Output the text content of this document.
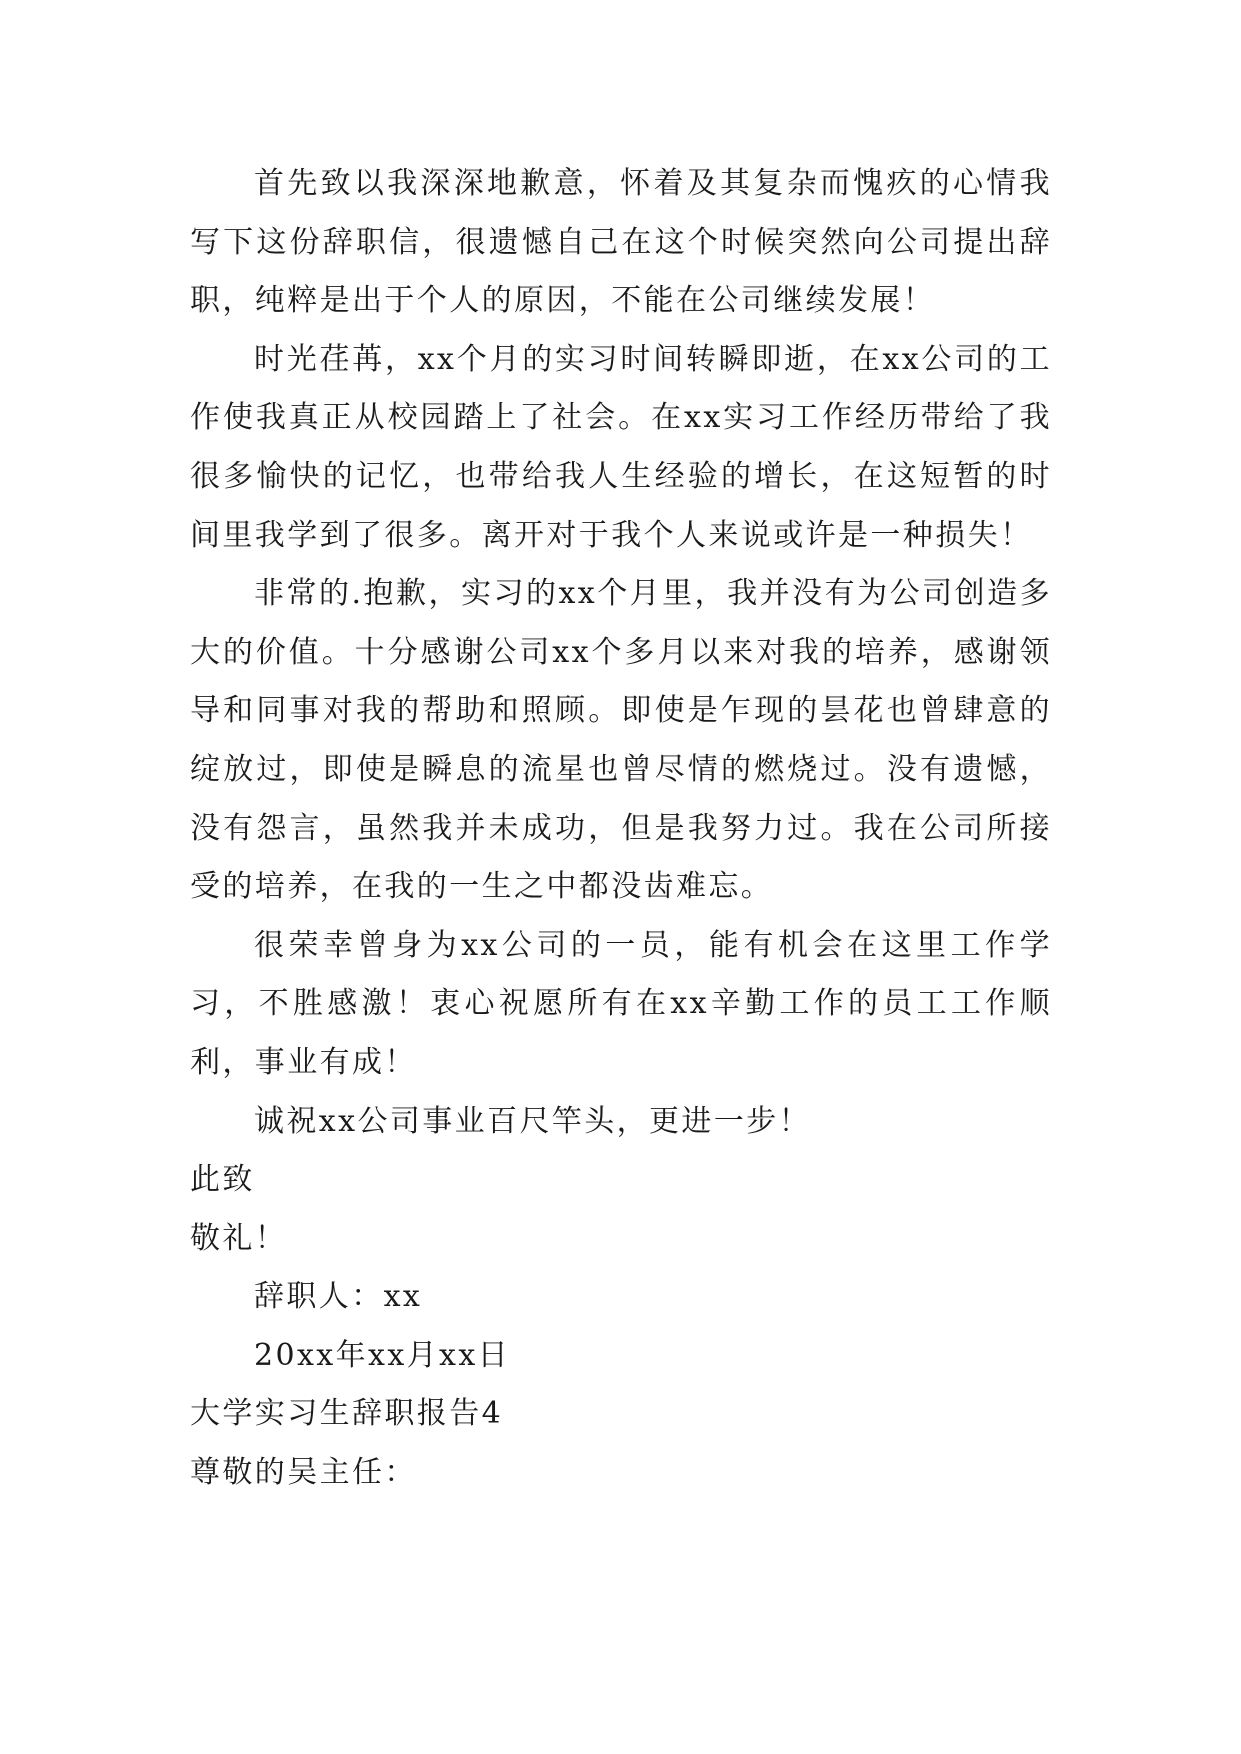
首先致以我深深地歉意，怀着及其复杂而愧疚的心情我写下这份辞职信，很遗憾自己在这个时候突然向公司提出辞职，纯粹是出于个人的原因，不能在公司继续发展！

时光荏苒，xx个月的实习时间转瞬即逝，在xx公司的工作使我真正从校园踏上了社会。在xx实习工作经历带给了我很多愉快的记忆，也带给我人生经验的增长，在这短暂的时间里我学到了很多。离开对于我个人来说或许是一种损失！

非常的.抱歉，实习的xx个月里，我并没有为公司创造多大的价值。十分感谢公司xx个多月以来对我的培养，感谢领导和同事对我的帮助和照顾。即使是乍现的昙花也曾肆意的绽放过，即使是瞬息的流星也曾尽情的燃烧过。没有遗憾，没有怨言，虽然我并未成功，但是我努力过。我在公司所接受的培养，在我的一生之中都没齿难忘。

很荣幸曾身为xx公司的一员，能有机会在这里工作学习，不胜感激！衷心祝愿所有在xx辛勤工作的员工工作顺利，事业有成！

诚祝xx公司事业百尺竿头，更进一步！

此致

敬礼！

辞职人：xx

20xx年xx月xx日

大学实习生辞职报告4

尊敬的吴主任：
